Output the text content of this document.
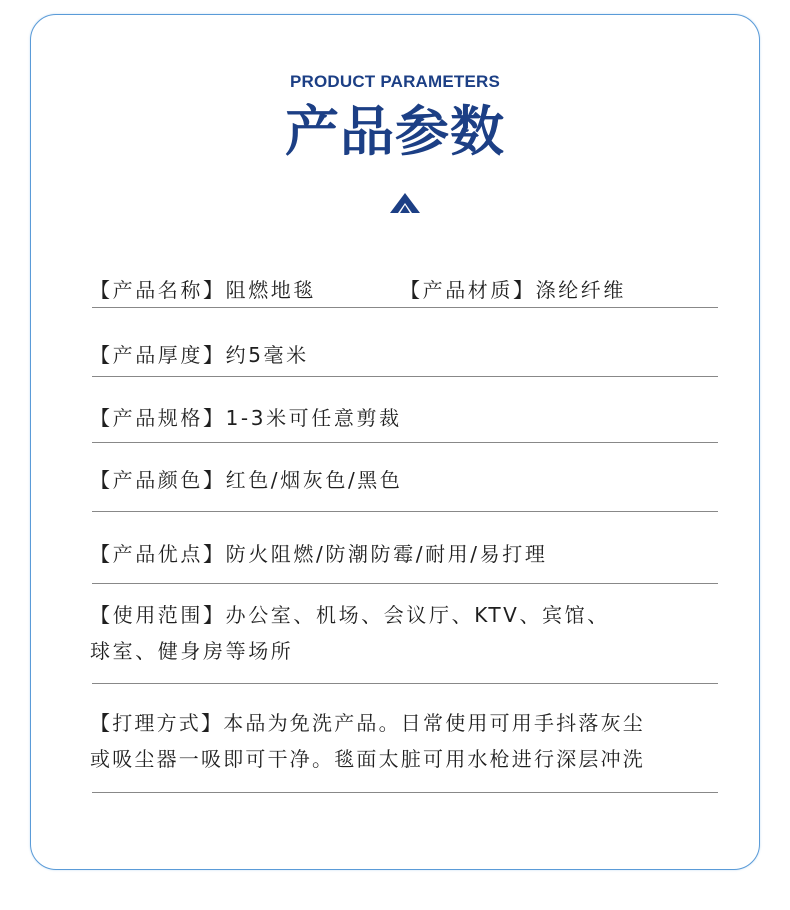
PRODUCT PARAMETERS
产品参数
【产品名称】阻燃地毯	【产品材质】涤纶纤维
【产品厚度】约5毫米
【产品规格】1-3米可任意剪裁
【产品颜色】红色/烟灰色/黑色
【产品优点】防火阻燃/防潮防霉/耐用/易打理
【使用范围】办公室、机场、会议厅、KTV、宾馆、
球室、健身房等场所
【打理方式】本品为免洗产品。日常使用可用手抖落灰尘
或吸尘器一吸即可干净。毯面太脏可用水枪进行深层冲洗
